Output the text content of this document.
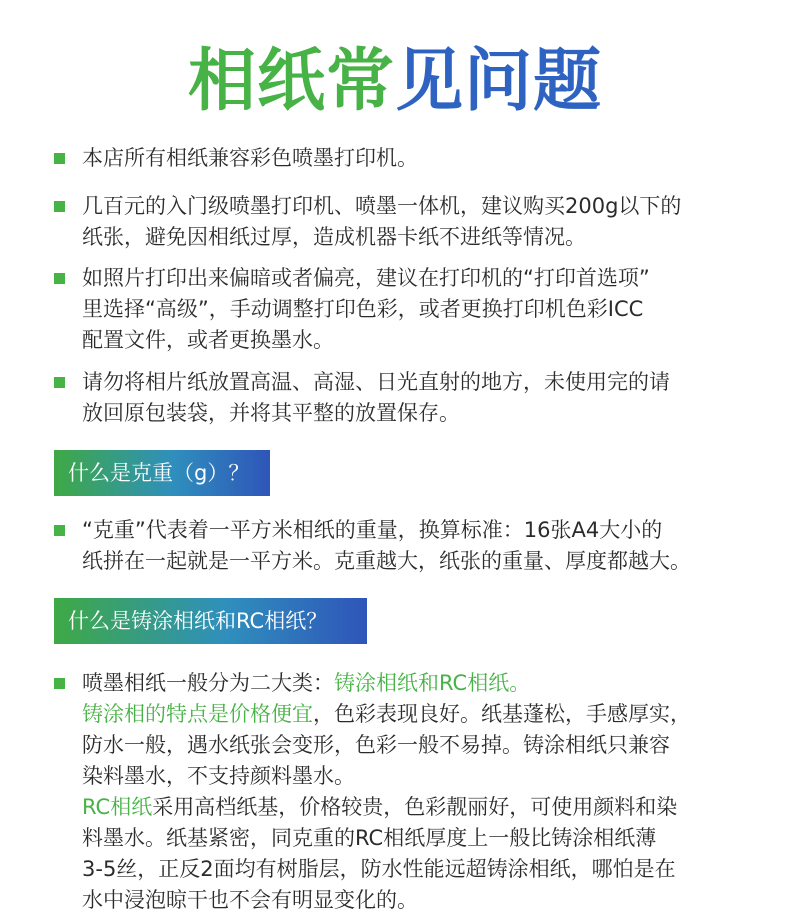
相纸常见问题
本店所有相纸兼容彩色喷墨打印机。
几百元的入门级喷墨打印机、喷墨一体机，建议购买200g以下的
纸张，避免因相纸过厚，造成机器卡纸不进纸等情况。
如照片打印出来偏暗或者偏亮，建议在打印机的“打印首选项”
里选择“高级”，手动调整打印色彩，或者更换打印机色彩ICC
配置文件，或者更换墨水。
请勿将相片纸放置高温、高湿、日光直射的地方，未使用完的请
放回原包装袋，并将其平整的放置保存。
什么是克重（g）？
“克重”代表着一平方米相纸的重量，换算标准：16张A4大小的
纸拼在一起就是一平方米。克重越大，纸张的重量、厚度都越大。
什么是铸涂相纸和RC相纸？
喷墨相纸一般分为二大类：铸涂相纸和RC相纸。
铸涂相的特点是价格便宜，色彩表现良好。纸基蓬松，手感厚实，
防水一般，遇水纸张会变形，色彩一般不易掉。铸涂相纸只兼容
染料墨水，不支持颜料墨水。
RC相纸采用高档纸基，价格较贵，色彩靓丽好，可使用颜料和染
料墨水。纸基紧密，同克重的RC相纸厚度上一般比铸涂相纸薄
3-5丝，正反2面均有树脂层，防水性能远超铸涂相纸，哪怕是在
水中浸泡晾干也不会有明显变化的。
